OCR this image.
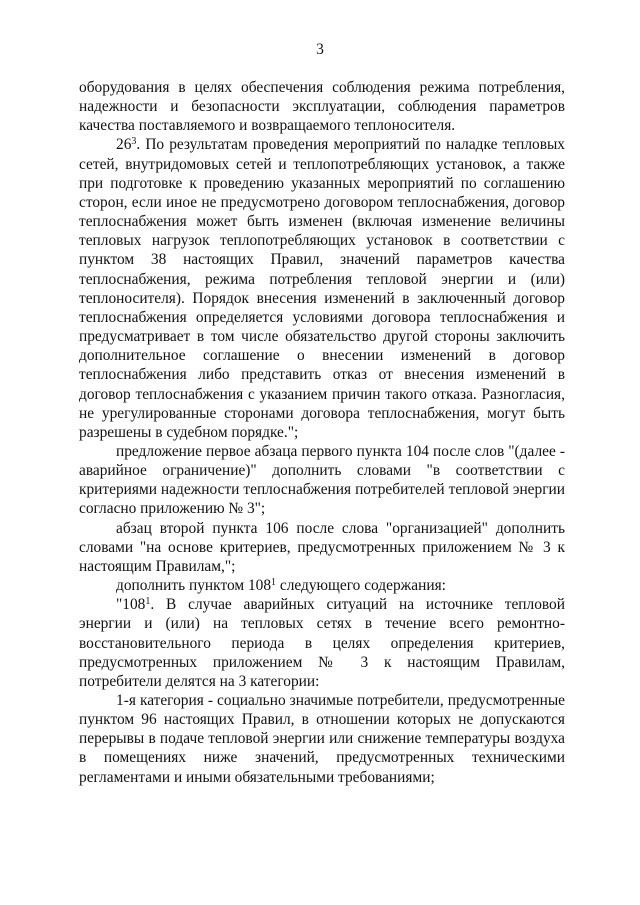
3

оборудования в целях обеспечения соблюдения режима потребления, надежности и безопасности эксплуатации, соблюдения параметров качества поставляемого и возвращаемого теплоносителя.

$26^3$. По результатам проведения мероприятий по наладке тепловых сетей, внутридомовых сетей и теплопотребляющих установок, а также при подготовке к проведению указанных мероприятий по соглашению сторон, если иное не предусмотрено договором теплоснабжения, договор теплоснабжения может быть изменен (включая изменение величины тепловых нагрузок теплопотребляющих установок в соответствии с пунктом 38 настоящих Правил, значений параметров качества теплоснабжения, режима потребления тепловой энергии и (или) теплоносителя). Порядок внесения изменений в заключенный договор теплоснабжения определяется условиями договора теплоснабжения и предусматривает в том числе обязательство другой стороны заключить дополнительное соглашение о внесении изменений в договор теплоснабжения либо представить отказ от внесения изменений в договор теплоснабжения с указанием причин такого отказа. Разногласия, не урегулированные сторонами договора теплоснабжения, могут быть разрешены в судебном порядке.";

предложение первое абзаца первого пункта 104 после слов "(далее - аварийное ограничение)" дополнить словами "в соответствии с критериями надежности теплоснабжения потребителей тепловой энергии согласно приложению № 3";

абзац второй пункта 106 после слова "организацией" дополнить словами "на основе критериев, предусмотренных приложением № 3 к настоящим Правилам,";

дополнить пунктом $108^1$ следующего содержания:

"$108^1$. В случае аварийных ситуаций на источнике тепловой энергии и (или) на тепловых сетях в течение всего ремонтно-восстановительного периода в целях определения критериев, предусмотренных приложением № 3 к настоящим Правилам, потребители делятся на 3 категории:

1-я категория - социально значимые потребители, предусмотренные пунктом 96 настоящих Правил, в отношении которых не допускаются перерывы в подаче тепловой энергии или снижение температуры воздуха в помещениях ниже значений, предусмотренных техническими регламентами и иными обязательными требованиями;
